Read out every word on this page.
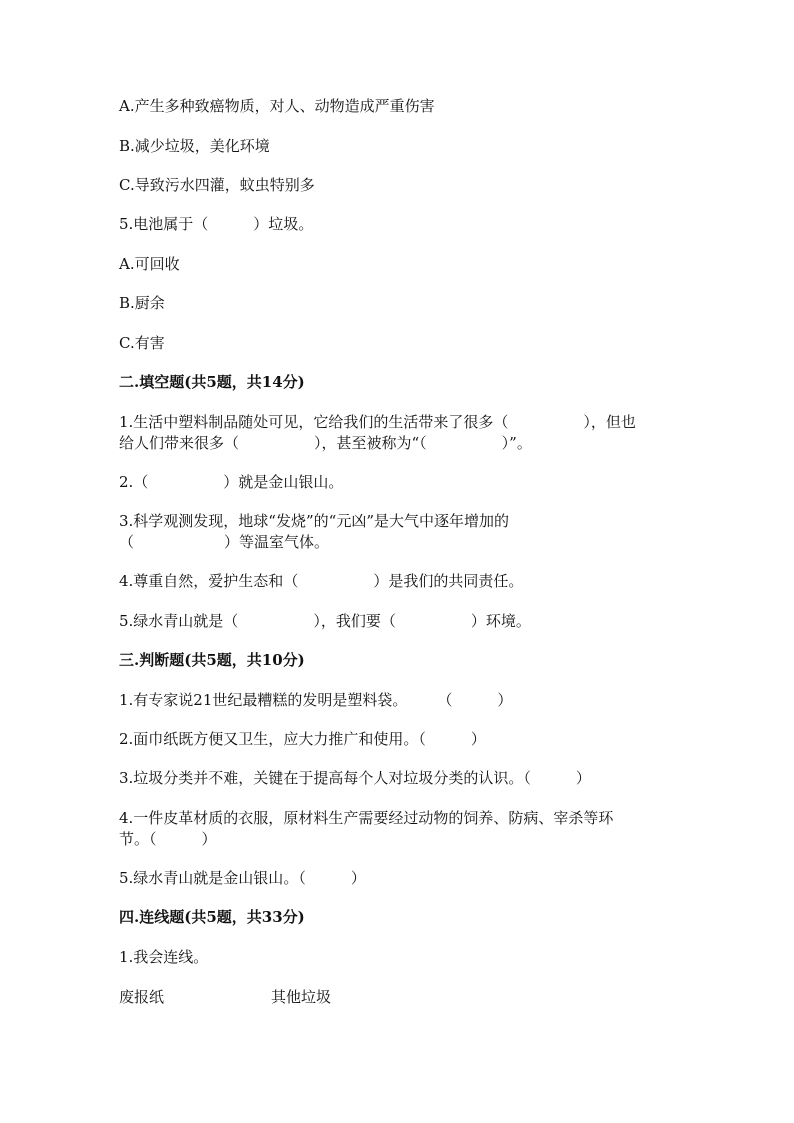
A.产生多种致癌物质，对人、动物造成严重伤害
B.减少垃圾，美化环境
C.导致污水四灌，蚊虫特别多
5.电池属于（　　　）垃圾。
A.可回收
B.厨余
C.有害
二.填空题(共5题，共14分)
1.生活中塑料制品随处可见，它给我们的生活带来了很多（　　　　　），但也
给人们带来很多（　　　　　），甚至被称为“（　　　　　）”。
2.（　　　　　）就是金山银山。
3.科学观测发现，地球“发烧”的“元凶”是大气中逐年增加的
（　　　　　　）等温室气体。
4.尊重自然，爱护生态和（　　　　　）是我们的共同责任。
5.绿水青山就是（　　　　　），我们要（　　　　　）环境。
三.判断题(共5题，共10分)
1.有专家说21世纪最糟糕的发明是塑料袋。　　　（　　　）
2.面巾纸既方便又卫生，应大力推广和使用。（　　　）
3.垃圾分类并不难，关键在于提高每个人对垃圾分类的认识。（　　　）
4.一件皮革材质的衣服，原材料生产需要经过动物的饲养、防病、宰杀等环
节。（　　　）
5.绿水青山就是金山银山。（　　　）
四.连线题(共5题，共33分)
1.我会连线。
废报纸	其他垃圾
